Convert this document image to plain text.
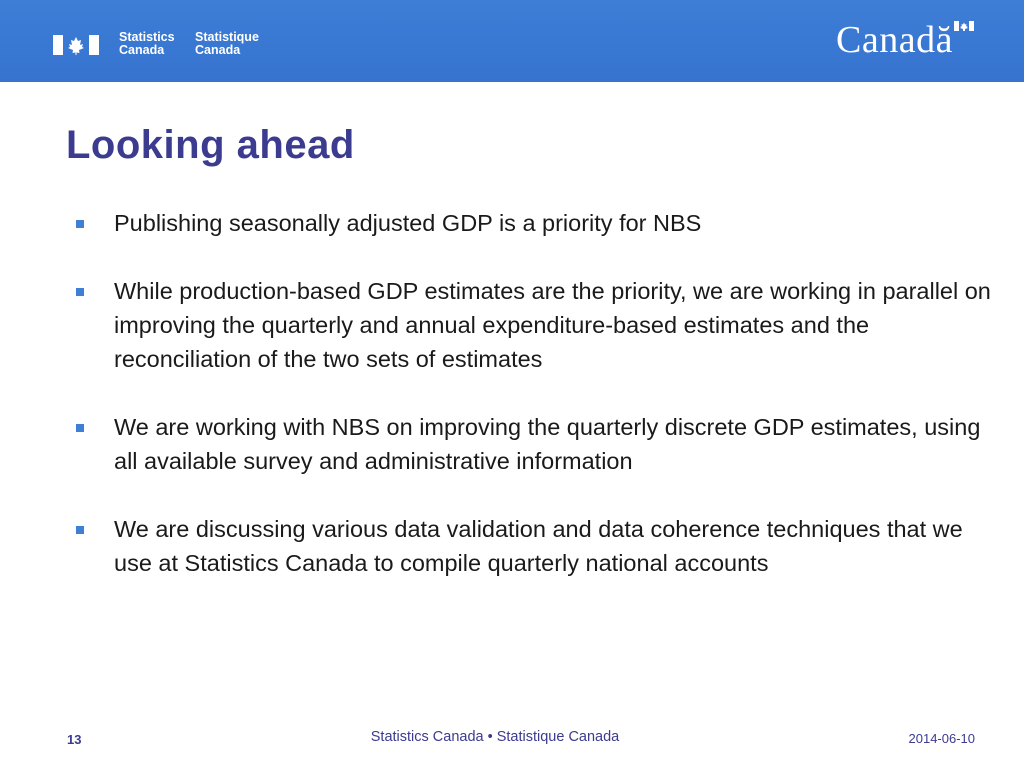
Statistics
Canada
Statistique
Canada	Canadă
Looking ahead
Publishing seasonally adjusted GDP is a priority for NBS
While production-based GDP estimates are the priority, we are working in parallel on improving the quarterly and annual expenditure-based estimates and the reconciliation of the two sets of estimates
We are working with NBS on improving the quarterly discrete GDP estimates, using all available survey and administrative information
We are discussing various data validation and data coherence techniques that we use at Statistics Canada to compile quarterly national accounts
13	Statistics Canada • Statistique Canada	2014-06-10
